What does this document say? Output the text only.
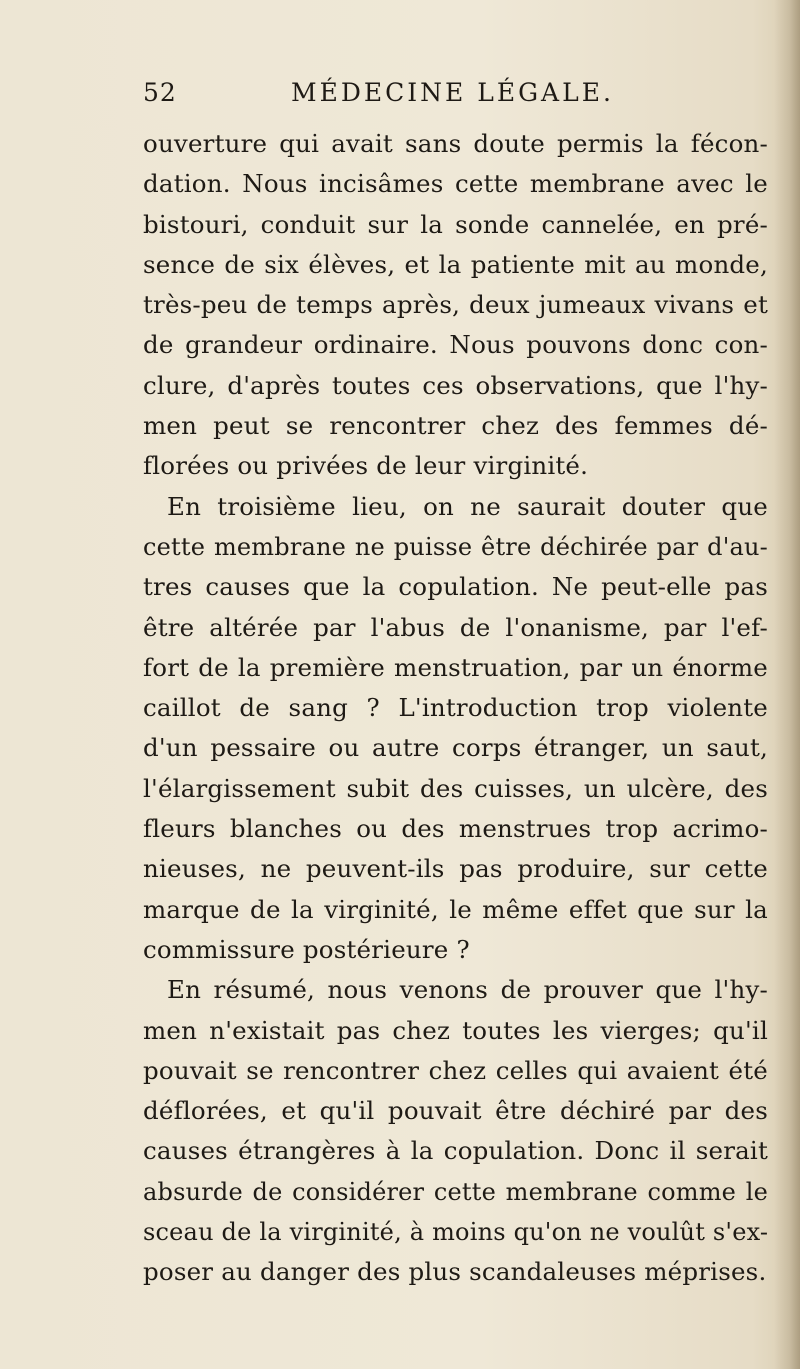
52	MÉDECINE LÉGALE.
ouverture qui avait sans doute permis la fécon-
dation. Nous incisâmes cette membrane avec le
bistouri, conduit sur la sonde cannelée, en pré-
sence de six élèves, et la patiente mit au monde,
très-peu de temps après, deux jumeaux vivans et
de grandeur ordinaire. Nous pouvons donc con-
clure, d'après toutes ces observations, que l'hy-
men peut se rencontrer chez des femmes dé-
florées ou privées de leur virginité.
En troisième lieu, on ne saurait douter que
cette membrane ne puisse être déchirée par d'au-
tres causes que la copulation. Ne peut-elle pas
être altérée par l'abus de l'onanisme, par l'ef-
fort de la première menstruation, par un énorme
caillot de sang ? L'introduction trop violente
d'un pessaire ou autre corps étranger, un saut,
l'élargissement subit des cuisses, un ulcère, des
fleurs blanches ou des menstrues trop acrimo-
nieuses, ne peuvent-ils pas produire, sur cette
marque de la virginité, le même effet que sur la
commissure postérieure ?
En résumé, nous venons de prouver que l'hy-
men n'existait pas chez toutes les vierges; qu'il
pouvait se rencontrer chez celles qui avaient été
déflorées, et qu'il pouvait être déchiré par des
causes étrangères à la copulation. Donc il serait
absurde de considérer cette membrane comme le
sceau de la virginité, à moins qu'on ne voulût s'ex-
poser au danger des plus scandaleuses méprises.
